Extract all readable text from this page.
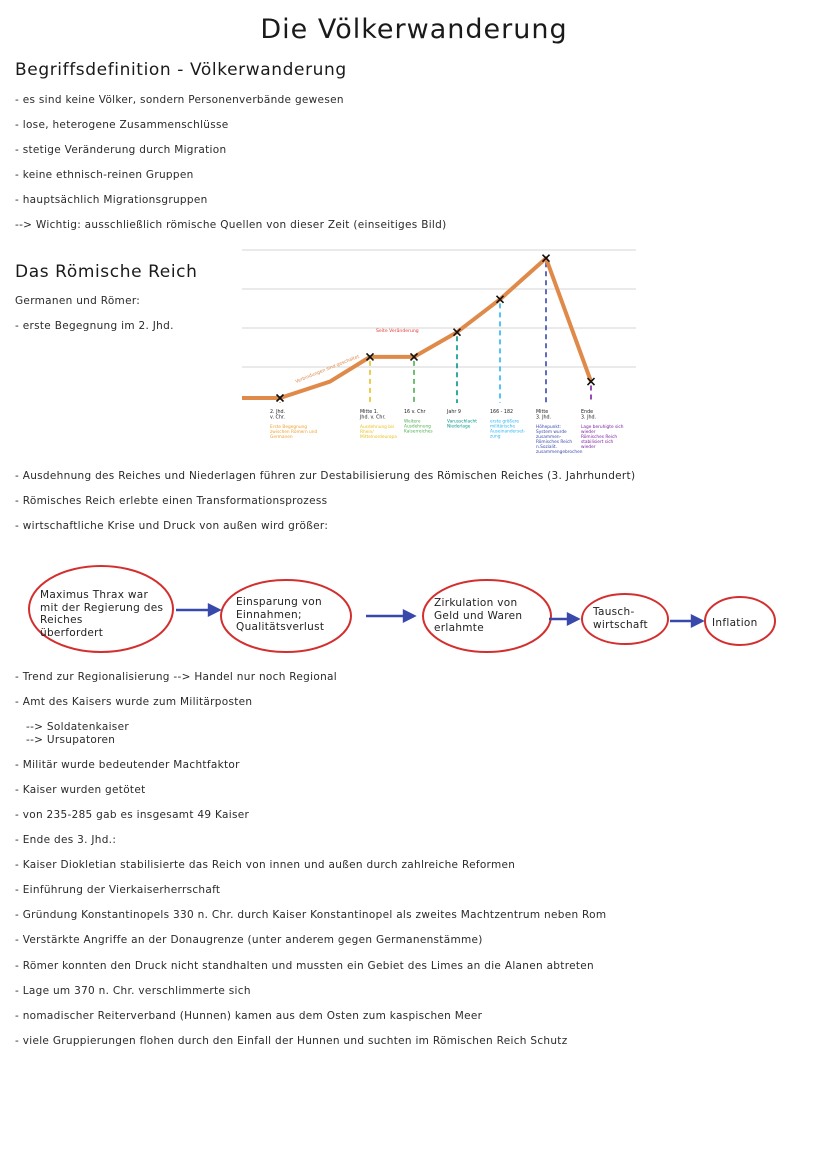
Die Völkerwanderung
Begriffsdefinition - Völkerwanderung
- es sind keine Völker, sondern Personenverbände gewesen
- lose, heterogene Zusammenschlüsse
- stetige Veränderung durch Migration
- keine ethnisch-reinen Gruppen
- hauptsächlich Migrationsgruppen
--> Wichtig: ausschließlich römische Quellen von dieser Zeit (einseitiges Bild)
Das Römische Reich
Germanen und Römer:
- erste Begegnung im 2. Jhd.
Verbindungen sind geschaltet
Seite Veränderung
2. Jhd. v. Chr.
Erste Begegnung zwischen Römern und Germanen
Mitte 1. Jhd. v. Chr.
Ausdehnung bis Rhein/ Mittelnordeuropa
16 v. Chr
Weitere Ausdehnung Kaiserreiches
Jahr 9
Varusschlacht Niederlage
166 - 182
erste größere militärische Auseinanderset-zung
Mitte 3. Jhd.
Höhepunkt: System wurde zusammen-Römisches Reich n.Sozialit. zusammengebrochen
Ende 3. Jhd.
Lage beruhigte sich wieder Römisches Reich stabilisiert sich wieder
- Ausdehnung des Reiches und Niederlagen führen zur Destabilisierung des Römischen Reiches (3. Jahrhundert)
- Römisches Reich erlebte einen Transformationsprozess
- wirtschaftliche Krise und Druck von außen wird größer:
Maximus Thrax war
mit der Regierung des
Reiches
überfordert
Einsparung von
Einnahmen;
Qualitätsverlust
Zirkulation von
Geld und Waren
erlahmte
Tausch-
wirtschaft	Inflation
- Trend zur Regionalisierung --> Handel nur noch Regional
- Amt des Kaisers wurde zum Militärposten
--> Soldatenkaiser
--> Ursupatoren
- Militär wurde bedeutender Machtfaktor
- Kaiser wurden getötet
- von 235-285 gab es insgesamt 49 Kaiser
- Ende des 3. Jhd.:
- Kaiser Diokletian stabilisierte das Reich von innen und außen durch zahlreiche Reformen
- Einführung der Vierkaiserherrschaft
- Gründung Konstantinopels 330 n. Chr. durch Kaiser Konstantinopel als zweites Machtzentrum neben Rom
- Verstärkte Angriffe an der Donaugrenze (unter anderem gegen Germanenstämme)
- Römer konnten den Druck nicht standhalten und mussten ein Gebiet des Limes an die Alanen abtreten
- Lage um 370 n. Chr. verschlimmerte sich
- nomadischer Reiterverband (Hunnen) kamen aus dem Osten zum kaspischen Meer
- viele Gruppierungen flohen durch den Einfall der Hunnen und suchten im Römischen Reich Schutz
